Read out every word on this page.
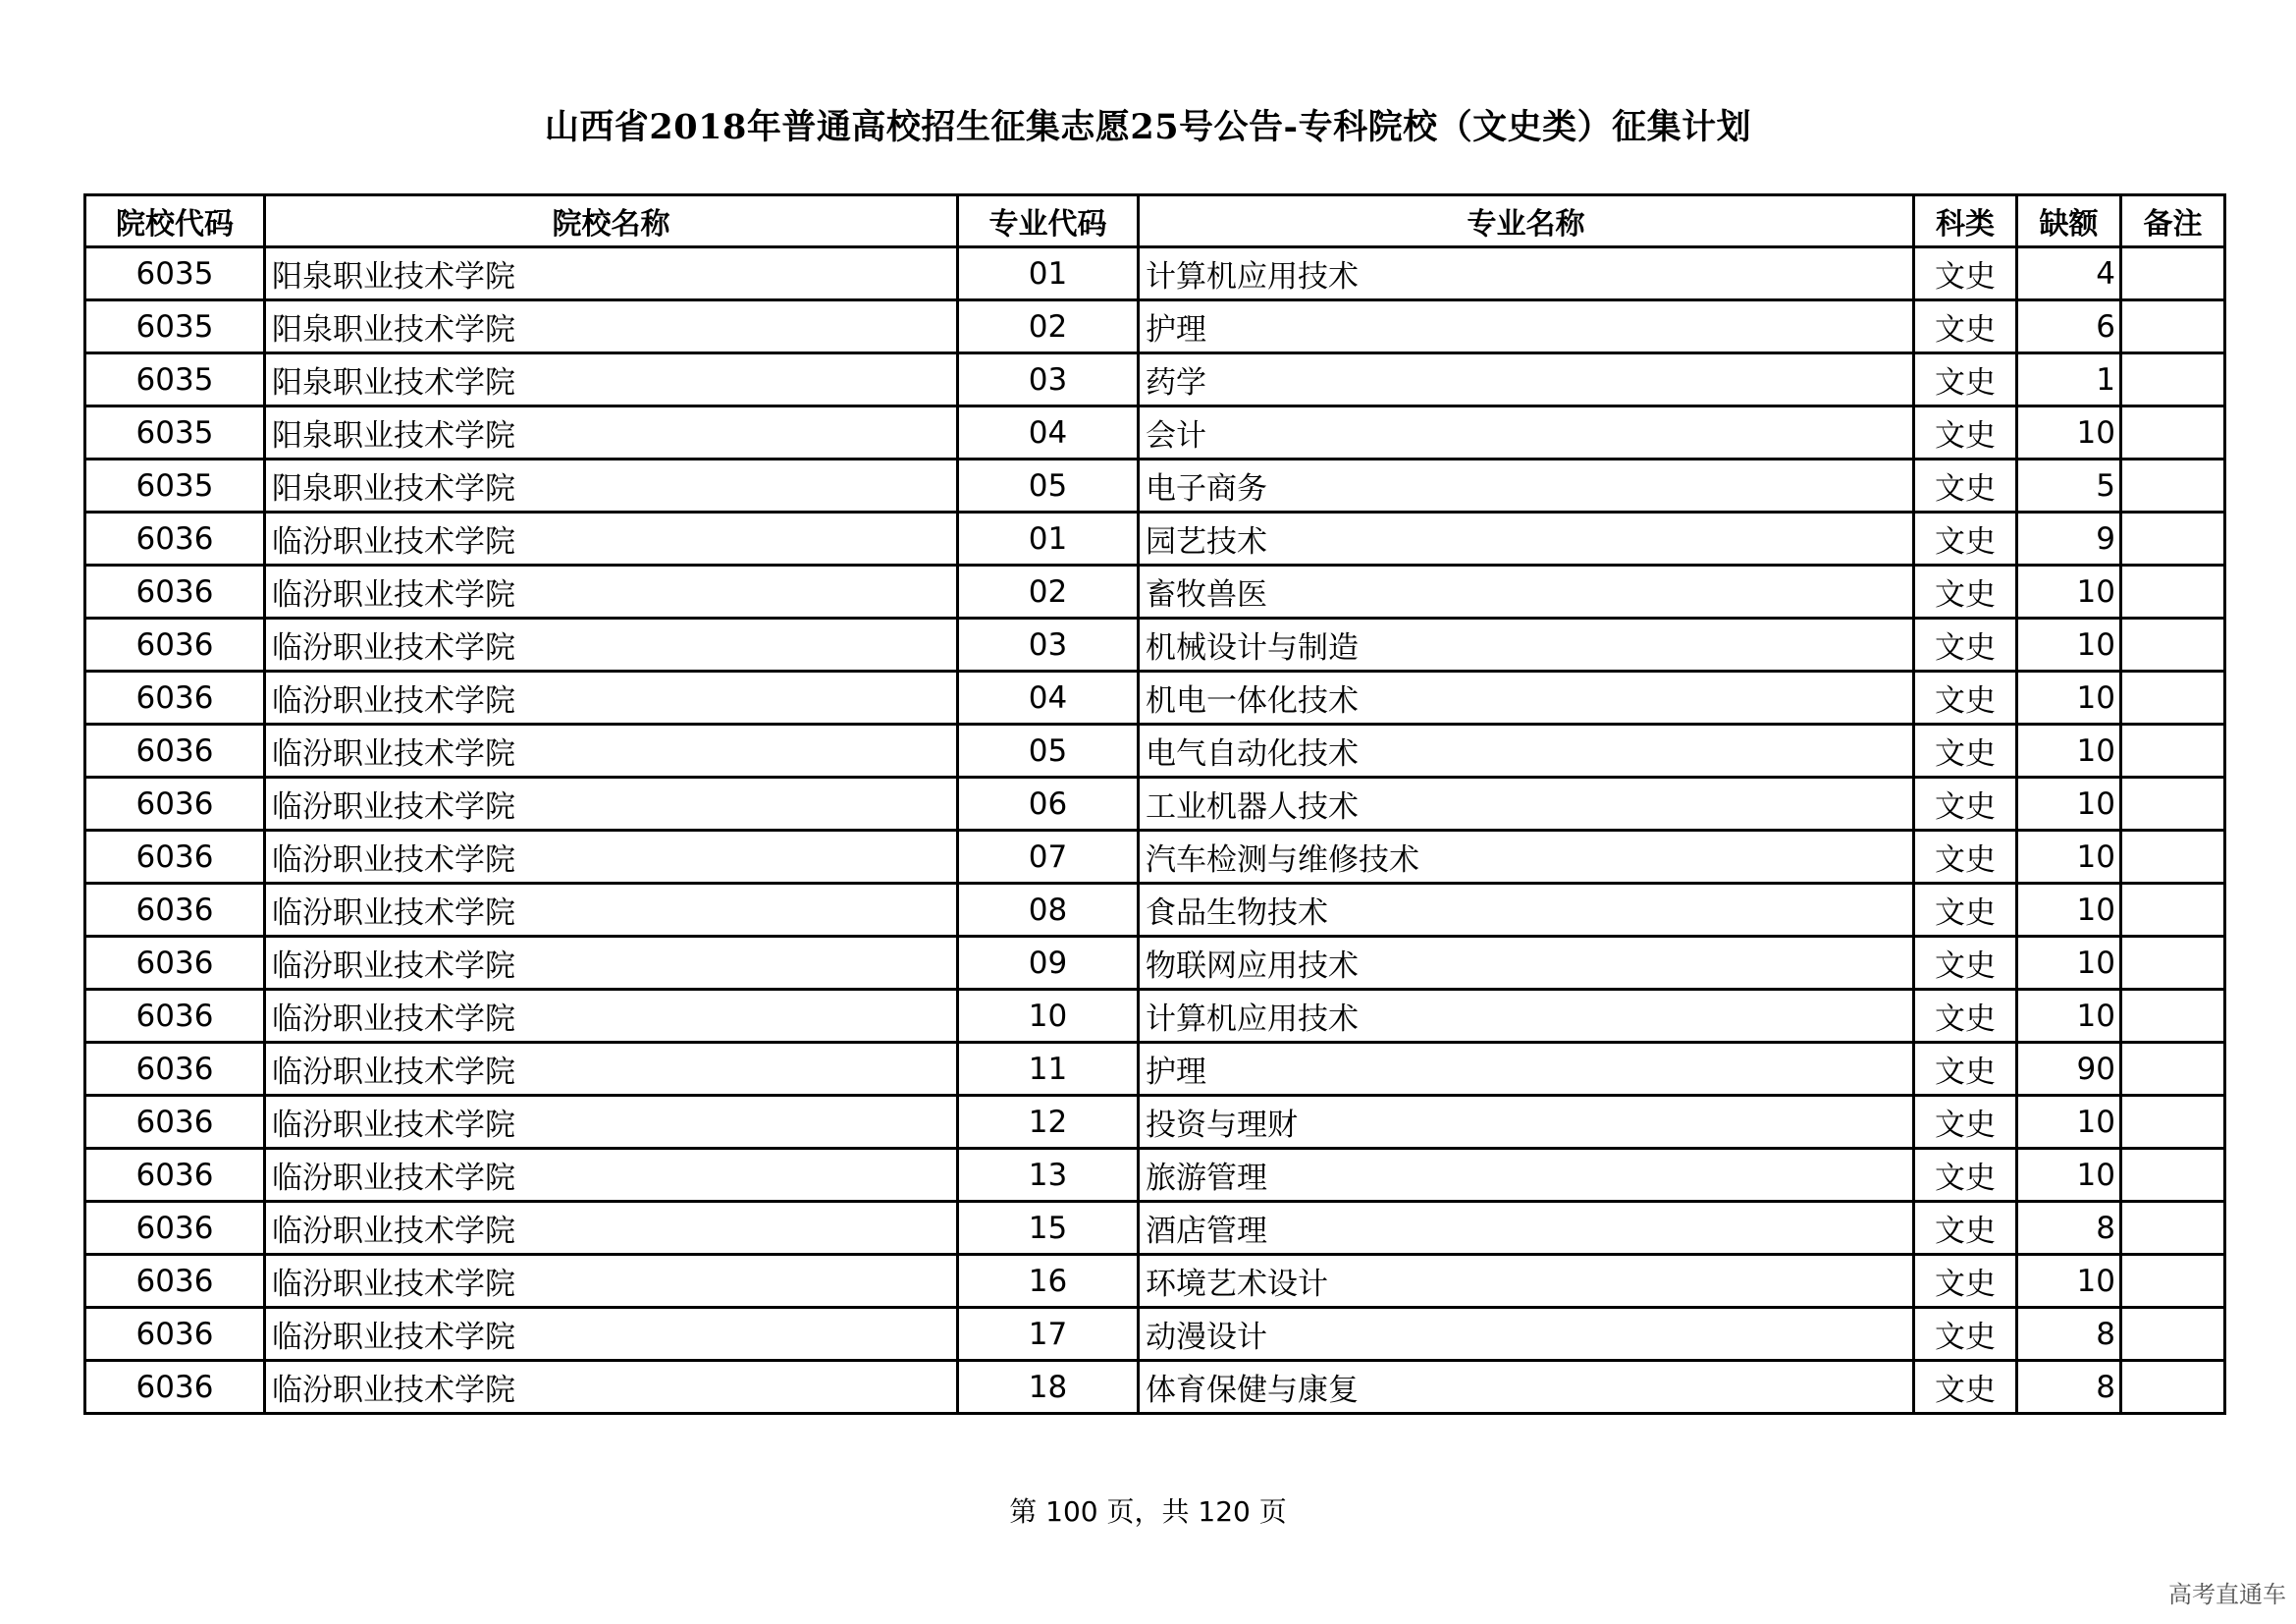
山西省2018年普通高校招生征集志愿25号公告-专科院校（文史类）征集计划
院校代码	院校名称	专业代码	专业名称	科类	缺额	备注
6035	阳泉职业技术学院	01	计算机应用技术	文史	4	
6035	阳泉职业技术学院	02	护理	文史	6	
6035	阳泉职业技术学院	03	药学	文史	1	
6035	阳泉职业技术学院	04	会计	文史	10	
6035	阳泉职业技术学院	05	电子商务	文史	5	
6036	临汾职业技术学院	01	园艺技术	文史	9	
6036	临汾职业技术学院	02	畜牧兽医	文史	10	
6036	临汾职业技术学院	03	机械设计与制造	文史	10	
6036	临汾职业技术学院	04	机电一体化技术	文史	10	
6036	临汾职业技术学院	05	电气自动化技术	文史	10	
6036	临汾职业技术学院	06	工业机器人技术	文史	10	
6036	临汾职业技术学院	07	汽车检测与维修技术	文史	10	
6036	临汾职业技术学院	08	食品生物技术	文史	10	
6036	临汾职业技术学院	09	物联网应用技术	文史	10	
6036	临汾职业技术学院	10	计算机应用技术	文史	10	
6036	临汾职业技术学院	11	护理	文史	90	
6036	临汾职业技术学院	12	投资与理财	文史	10	
6036	临汾职业技术学院	13	旅游管理	文史	10	
6036	临汾职业技术学院	15	酒店管理	文史	8	
6036	临汾职业技术学院	16	环境艺术设计	文史	10	
6036	临汾职业技术学院	17	动漫设计	文史	8	
6036	临汾职业技术学院	18	体育保健与康复	文史	8	
第 100 页，共 120 页
高考直通车
